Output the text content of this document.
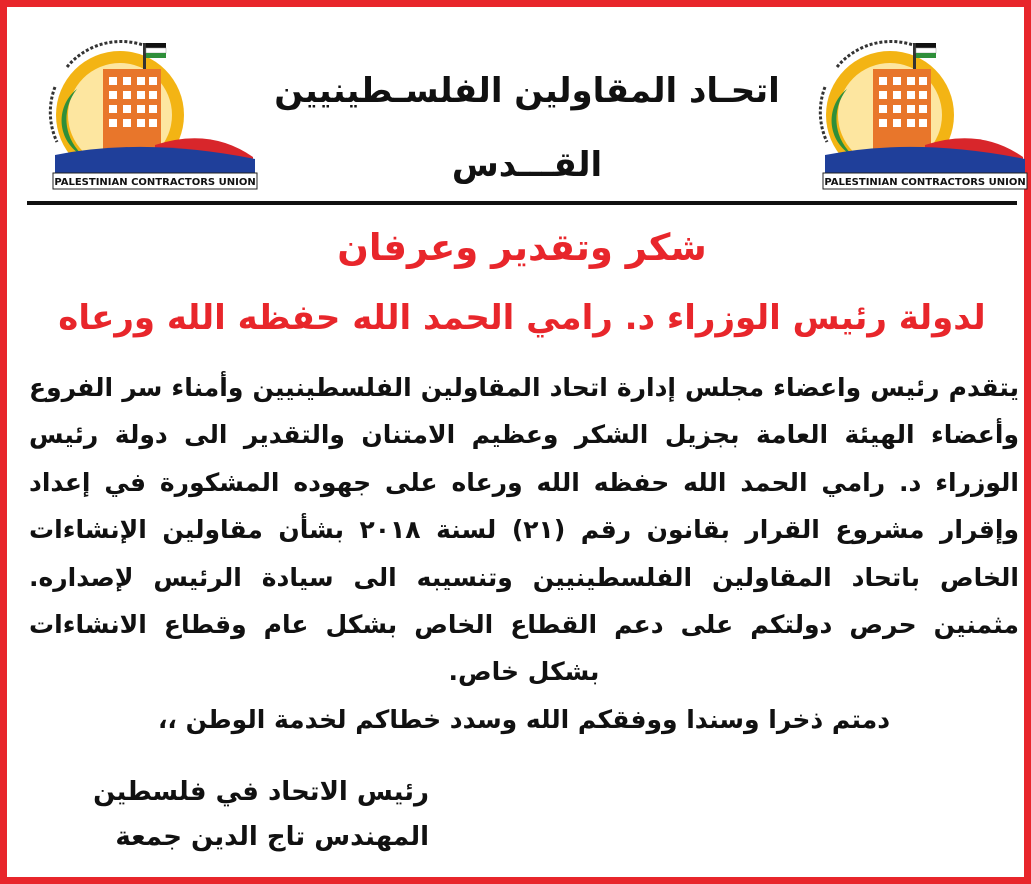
PALESTINIAN CONTRACTORS UNION	PALESTINIAN CONTRACTORS UNION
اتحـاد المقاولين الفلسـطينيين
القـــدس
شكر وتقدير وعرفان
لدولة رئيس الوزراء د. رامي الحمد الله حفظه الله ورعاه
يتقدم رئيس واعضاء مجلس إدارة اتحاد المقاولين الفلسطينيين وأمناء سر الفروع
وأعضاء الهيئة العامة بجزيل الشكر وعظيم الامتنان والتقدير الى دولة رئيس
الوزراء د. رامي الحمد الله حفظه الله ورعاه على جهوده المشكورة في إعداد
وإقرار مشروع القرار بقانون رقم (٢١) لسنة ٢٠١٨ بشأن مقاولين الإنشاءات
الخاص باتحاد المقاولين الفلسطينيين وتنسيبه الى سيادة الرئيس لإصداره.
مثمنين حرص دولتكم على دعم القطاع الخاص بشكل عام وقطاع الانشاءات
بشكل خاص.
دمتم ذخرا وسندا ووفقكم الله وسدد خطاكم لخدمة الوطن ،،
رئيس الاتحاد في فلسطين
المهندس تاج الدين جمعة
